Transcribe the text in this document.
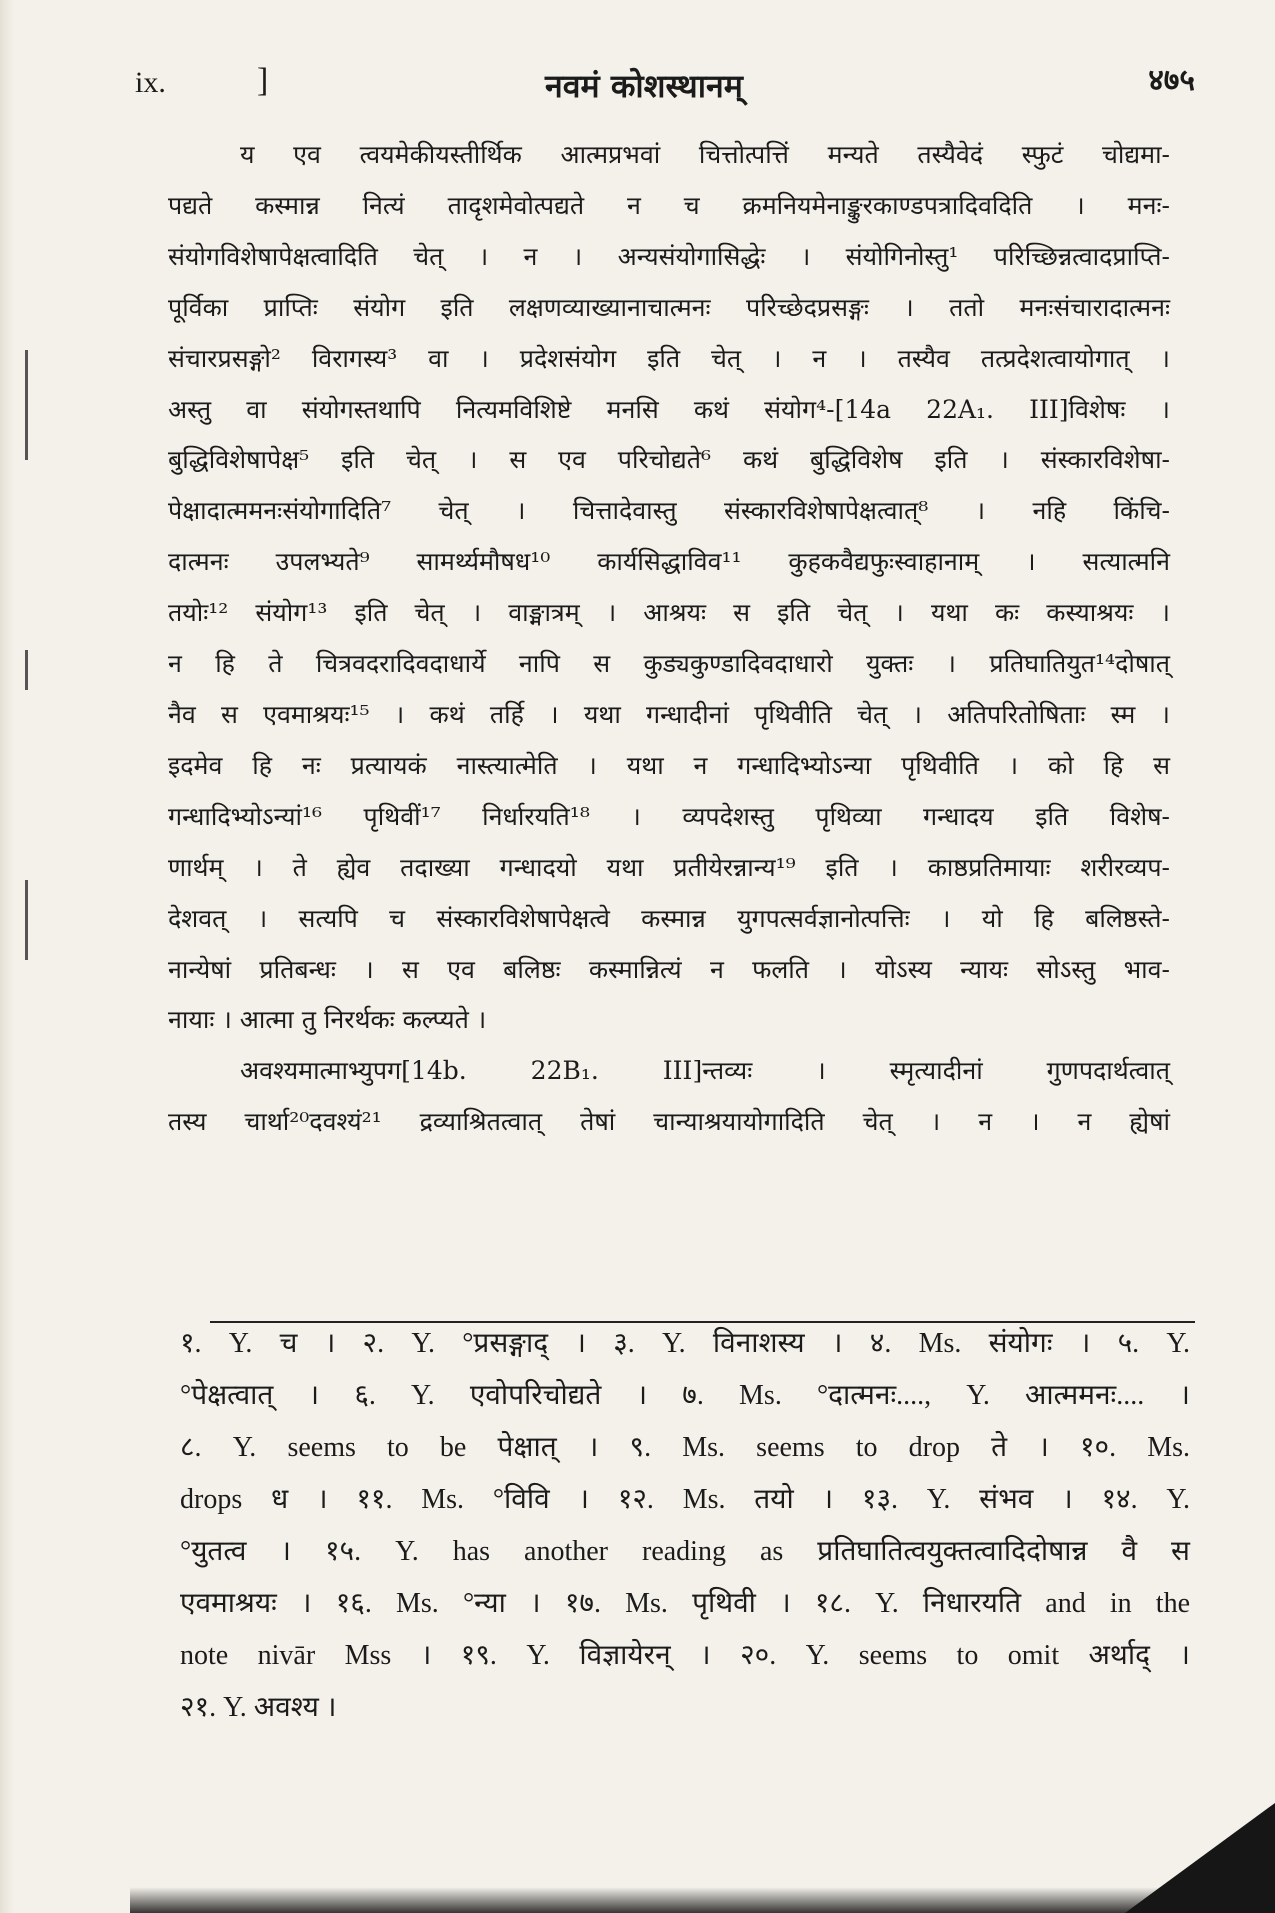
ix.	]	नवमं कोशस्थानम्	४७५
य एव त्वयमेकीयस्तीर्थिक आत्मप्रभवां चित्तोत्पत्तिं मन्यते तस्यैवेदं स्फुटं चोद्यमा-
पद्यते कस्मान्न नित्यं तादृशमेवोत्पद्यते न च क्रमनियमेनाङ्कुरकाण्डपत्रादिवदिति । मनः-
संयोगविशेषापेक्षत्वादिति चेत् । न । अन्यसंयोगासिद्धेः । संयोगिनोस्तु¹ परिच्छिन्नत्वादप्राप्ति-
पूर्विका प्राप्तिः संयोग इति लक्षणव्याख्यानाचात्मनः परिच्छेदप्रसङ्गः । ततो मनःसंचारादात्मनः
संचारप्रसङ्गो² विरागस्य³ वा । प्रदेशसंयोग इति चेत् । न । तस्यैव तत्प्रदेशत्वायोगात् ।
अस्तु वा संयोगस्तथापि नित्यमविशिष्टे मनसि कथं संयोग⁴-[14a 22A₁. III]विशेषः ।
बुद्धिविशेषापेक्ष⁵ इति चेत् । स एव परिचोद्यते⁶ कथं बुद्धिविशेष इति । संस्कारविशेषा-
पेक्षादात्ममनःसंयोगादिति⁷ चेत् । चित्तादेवास्तु संस्कारविशेषापेक्षत्वात्⁸ । नहि किंचि-
दात्मनः उपलभ्यते⁹ सामर्थ्यमौषध¹⁰ कार्यसिद्धाविव¹¹ कुहकवैद्यफुःस्वाहानाम् । सत्यात्मनि
तयोः¹² संयोग¹³ इति चेत् । वाङ्मात्रम् । आश्रयः स इति चेत् । यथा कः कस्याश्रयः ।
न हि ते चित्रवदरादिवदाधार्ये नापि स कुड्यकुण्डादिवदाधारो युक्तः । प्रतिघातियुत¹⁴दोषात्
नैव स एवमाश्रयः¹⁵ । कथं तर्हि । यथा गन्धादीनां पृथिवीति चेत् । अतिपरितोषिताः स्म ।
इदमेव हि नः प्रत्यायकं नास्त्यात्मेति । यथा न गन्धादिभ्योऽन्या पृथिवीति । को हि स
गन्धादिभ्योऽन्यां¹⁶ पृथिवीं¹⁷ निर्धारयति¹⁸ । व्यपदेशस्तु पृथिव्या गन्धादय इति विशेष-
णार्थम् । ते ह्येव तदाख्या गन्धादयो यथा प्रतीयेरन्नान्य¹⁹ इति । काष्ठप्रतिमायाः शरीरव्यप-
देशवत् । सत्यपि च संस्कारविशेषापेक्षत्वे कस्मान्न युगपत्सर्वज्ञानोत्पत्तिः । यो हि बलिष्ठस्ते-
नान्येषां प्रतिबन्धः । स एव बलिष्ठः कस्मान्नित्यं न फलति । योऽस्य न्यायः सोऽस्तु भाव-
नायाः । आत्मा तु निरर्थकः कल्प्यते ।
अवश्यमात्माभ्युपग[14b. 22B₁. III]न्तव्यः । स्मृत्यादीनां गुणपदार्थत्वात्
तस्य चार्था²⁰दवश्यं²¹ द्रव्याश्रितत्वात् तेषां चान्याश्रयायोगादिति चेत् । न । न ह्येषां
१. Y. च । २. Y. °प्रसङ्गाद् । ३. Y. विनाशस्य । ४. Ms. संयोगः । ५. Y.
°पेक्षत्वात् । ६. Y. एवोपरिचोद्यते । ७. Ms. °दात्मनः...., Y. आत्ममनः.... ।
८. Y. seems to be पेक्षात् । ९. Ms. seems to drop ते । १०. Ms.
drops ध । ११. Ms. °विवि । १२. Ms. तयो । १३. Y. संभव । १४. Y.
°युतत्व । १५. Y. has another reading as प्रतिघातित्वयुक्तत्वादिदोषान्न वै स
एवमाश्रयः । १६. Ms. °न्या । १७. Ms. पृथिवी । १८. Y. निधारयति and in the
note nivār Mss । १९. Y. विज्ञायेरन् । २०. Y. seems to omit अर्थाद् ।
२१. Y. अवश्य ।
